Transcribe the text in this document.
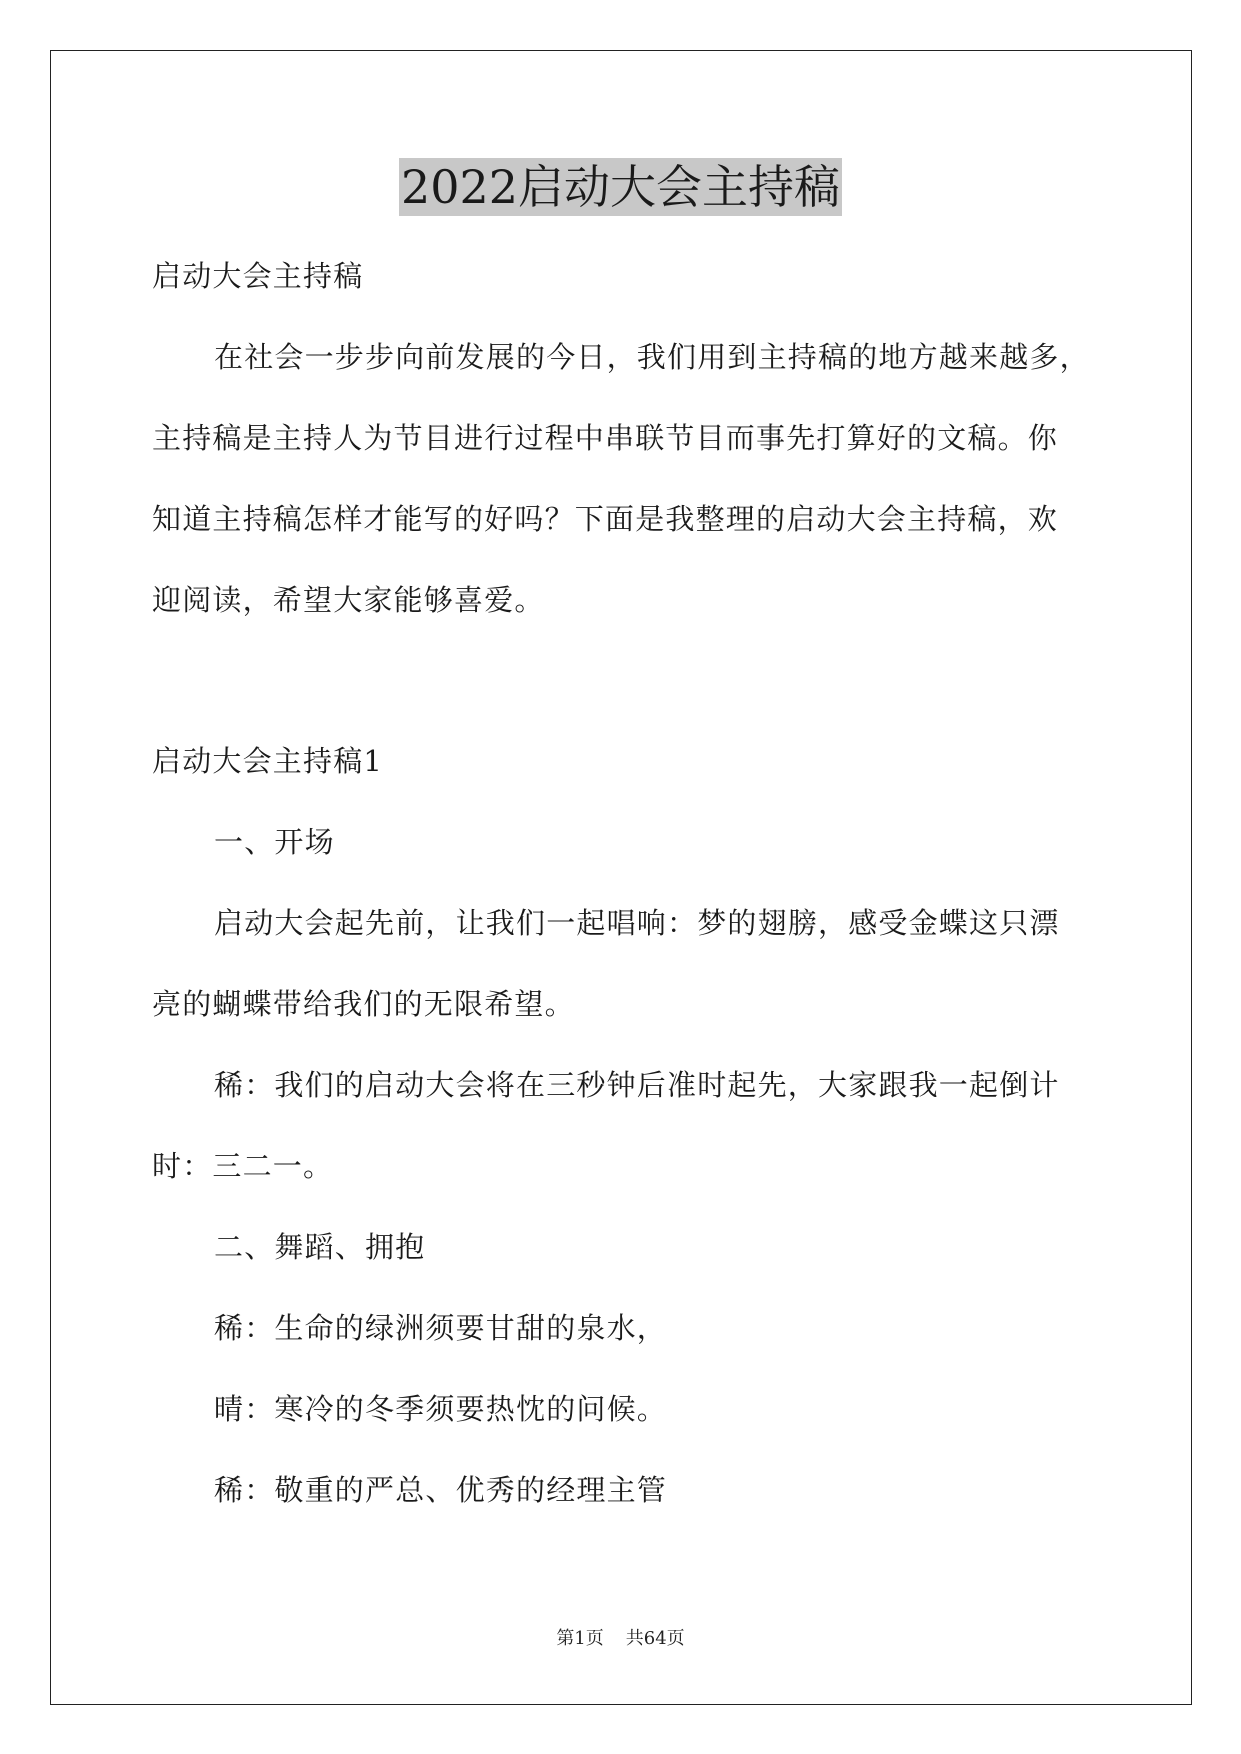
2022启动大会主持稿
启动大会主持稿
在社会一步步向前发展的今日，我们用到主持稿的地方越来越多，
主持稿是主持人为节目进行过程中串联节目而事先打算好的文稿。你
知道主持稿怎样才能写的好吗？下面是我整理的启动大会主持稿，欢
迎阅读，希望大家能够喜爱。
启动大会主持稿1
一、开场
启动大会起先前，让我们一起唱响：梦的翅膀，感受金蝶这只漂
亮的蝴蝶带给我们的无限希望。
稀：我们的启动大会将在三秒钟后准时起先，大家跟我一起倒计
时：三二一。
二、舞蹈、拥抱
稀：生命的绿洲须要甘甜的泉水，
晴：寒冷的冬季须要热忱的问候。
稀：敬重的严总、优秀的经理主管
第1页 共64页
